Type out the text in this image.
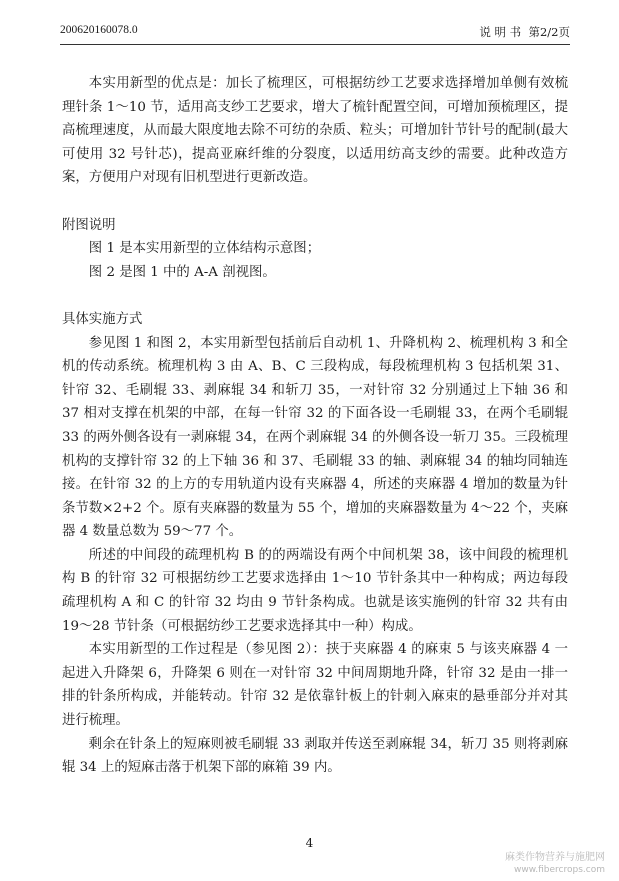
200620160078.0	说 明 书 第2/2页

本实用新型的优点是：加长了梳理区，可根据纺纱工艺要求选择增加单侧有效梳理针条 1～10 节，适用高支纱工艺要求，增大了梳针配置空间，可增加预梳理区，提高梳理速度，从而最大限度地去除不可纺的杂质、粒头；可增加针节针号的配制(最大可使用 32 号针芯)，提高亚麻纤维的分裂度，以适用纺高支纱的需要。此种改造方案，方便用户对现有旧机型进行更新改造。

附图说明

图 1 是本实用新型的立体结构示意图；

图 2 是图 1 中的 A-A 剖视图。

具体实施方式

参见图 1 和图 2，本实用新型包括前后自动机 1、升降机构 2、梳理机构 3 和全机的传动系统。梳理机构 3 由 A、B、C 三段构成，每段梳理机构 3 包括机架 31、针帘 32、毛刷辊 33、剥麻辊 34 和斩刀 35，一对针帘 32 分别通过上下轴 36 和 37 相对支撑在机架的中部，在每一针帘 32 的下面各设一毛刷辊 33，在两个毛刷辊 33 的两外侧各设有一剥麻辊 34，在两个剥麻辊 34 的外侧各设一斩刀 35。三段梳理机构的支撑针帘 32 的上下轴 36 和 37、毛刷辊 33 的轴、剥麻辊 34 的轴均同轴连接。在针帘 32 的上方的专用轨道内设有夹麻器 4，所述的夹麻器 4 增加的数量为针条节数×2+2 个。原有夹麻器的数量为 55 个，增加的夹麻器数量为 4～22 个，夹麻器 4 数量总数为 59～77 个。

所述的中间段的疏理机构 B 的的两端设有两个中间机架 38，该中间段的梳理机构 B 的针帘 32 可根据纺纱工艺要求选择由 1～10 节针条其中一种构成；两边每段疏理机构 A 和 C 的针帘 32 均由 9 节针条构成。也就是该实施例的针帘 32 共有由 19～28 节针条（可根据纺纱工艺要求选择其中一种）构成。

本实用新型的工作过程是（参见图 2）：挟于夹麻器 4 的麻束 5 与该夹麻器 4 一起进入升降架 6，升降架 6 则在一对针帘 32 中间周期地升降，针帘 32 是由一排一排的针条所构成，并能转动。针帘 32 是依靠针板上的针刺入麻束的悬垂部分并对其进行梳理。

剩余在针条上的短麻则被毛刷辊 33 剥取并传送至剥麻辊 34，斩刀 35 则将剥麻辊 34 上的短麻击落于机架下部的麻箱 39 内。

4
麻类作物营养与施肥网
www.fibercrops.com
